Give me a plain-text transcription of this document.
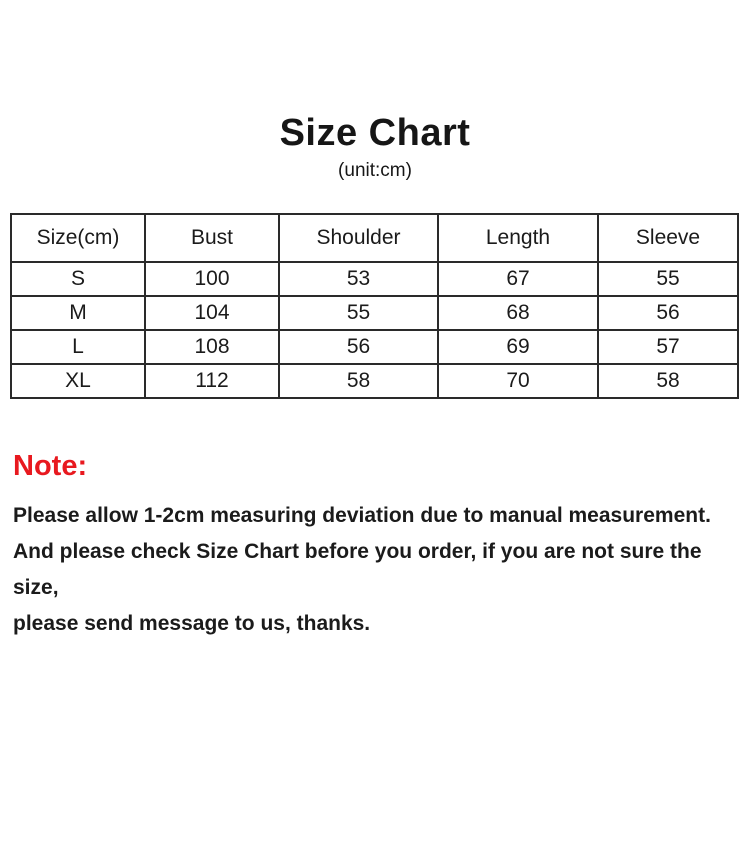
Size Chart
(unit:cm)
Size(cm)	Bust	Shoulder	Length	Sleeve
S	100	53	67	55
M	104	55	68	56
L	108	56	69	57
XL	112	58	70	58
Note:
Please allow 1-2cm measuring deviation due to manual measurement.
And please check Size Chart before you order, if you are not sure the size,
please send message to us, thanks.
